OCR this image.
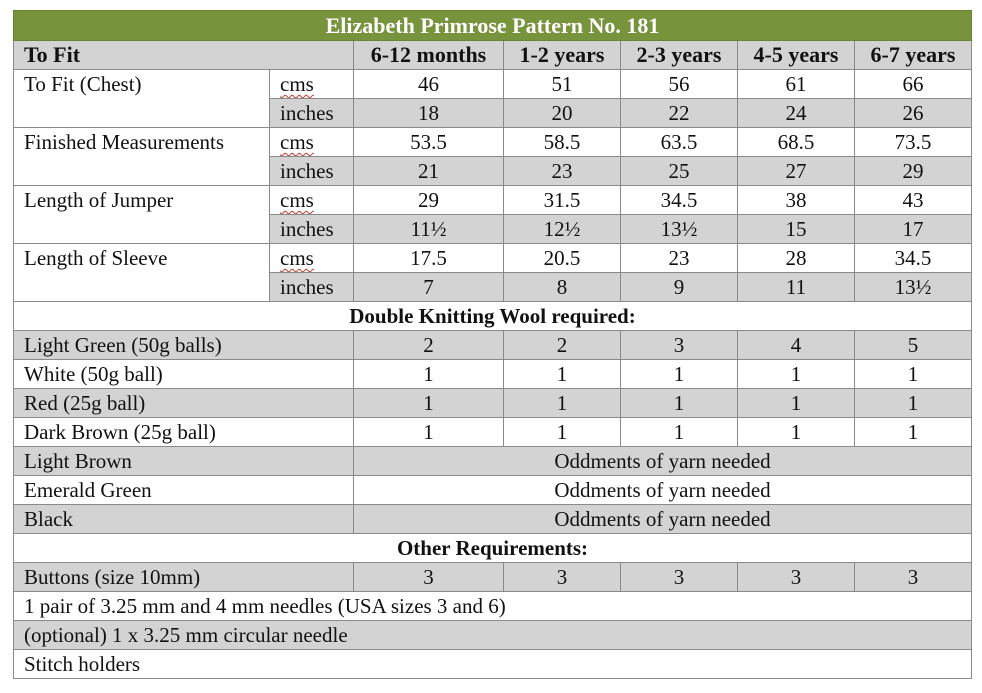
Elizabeth Primrose Pattern No. 181						
To Fit		6-12 months	1-2 years	2-3 years	4-5 years	6-7 years
To Fit (Chest)	cms	46	51	56	61	66
	inches	18	20	22	24	26
Finished Measurements	cms	53.5	58.5	63.5	68.5	73.5
	inches	21	23	25	27	29
Length of Jumper	cms	29	31.5	34.5	38	43
	inches	11½	12½	13½	15	17
Length of Sleeve	cms	17.5	20.5	23	28	34.5
	inches	7	8	9	11	13½
Double Knitting Wool required:						
Light Green (50g balls)		2	2	3	4	5
White (50g ball)		1	1	1	1	1
Red (25g ball)		1	1	1	1	1
Dark Brown (25g ball)		1	1	1	1	1
Light Brown		Oddments of yarn needed				
Emerald Green		Oddments of yarn needed				
Black		Oddments of yarn needed				
Other Requirements:						
Buttons (size 10mm)		3	3	3	3	3
1 pair of 3.25 mm and 4 mm needles (USA sizes 3 and 6)						
(optional) 1 x 3.25 mm circular needle						
Stitch holders						
